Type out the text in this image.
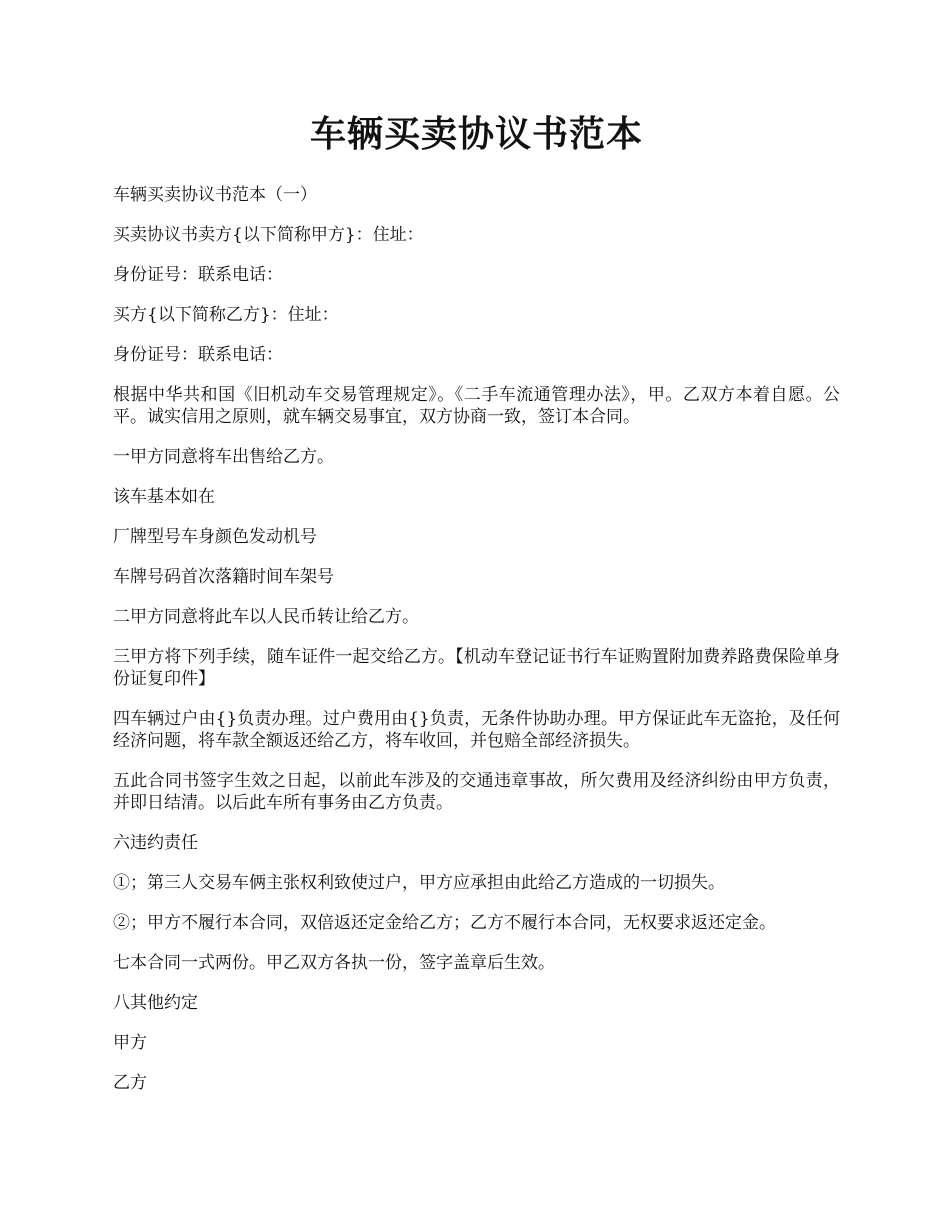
车辆买卖协议书范本

车辆买卖协议书范本（一）

买卖协议书卖方{以下简称甲方}：住址：

身份证号：联系电话：

买方{以下简称乙方}：住址：

身份证号：联系电话：

根据中华共和国《旧机动车交易管理规定》。《二手车流通管理办法》，甲。乙双方本着自愿。公平。诚实信用之原则，就车辆交易事宜，双方协商一致，签订本合同。

一甲方同意将车出售给乙方。

该车基本如在

厂牌型号车身颜色发动机号

车牌号码首次落籍时间车架号

二甲方同意将此车以人民币转让给乙方。

三甲方将下列手续，随车证件一起交给乙方。【机动车登记证书行车证购置附加费养路费保险单身份证复印件】

四车辆过户由{}负责办理。过户费用由{}负责，无条件协助办理。甲方保证此车无盗抢，及任何经济问题，将车款全额返还给乙方，将车收回，并包赔全部经济损失。

五此合同书签字生效之日起，以前此车涉及的交通违章事故，所欠费用及经济纠纷由甲方负责，并即日结清。以后此车所有事务由乙方负责。

六违约责任

①；第三人交易车俩主张权利致使过户，甲方应承担由此给乙方造成的一切损失。

②；甲方不履行本合同，双倍返还定金给乙方；乙方不履行本合同，无权要求返还定金。

七本合同一式两份。甲乙双方各执一份，签字盖章后生效。

八其他约定

甲方

乙方
